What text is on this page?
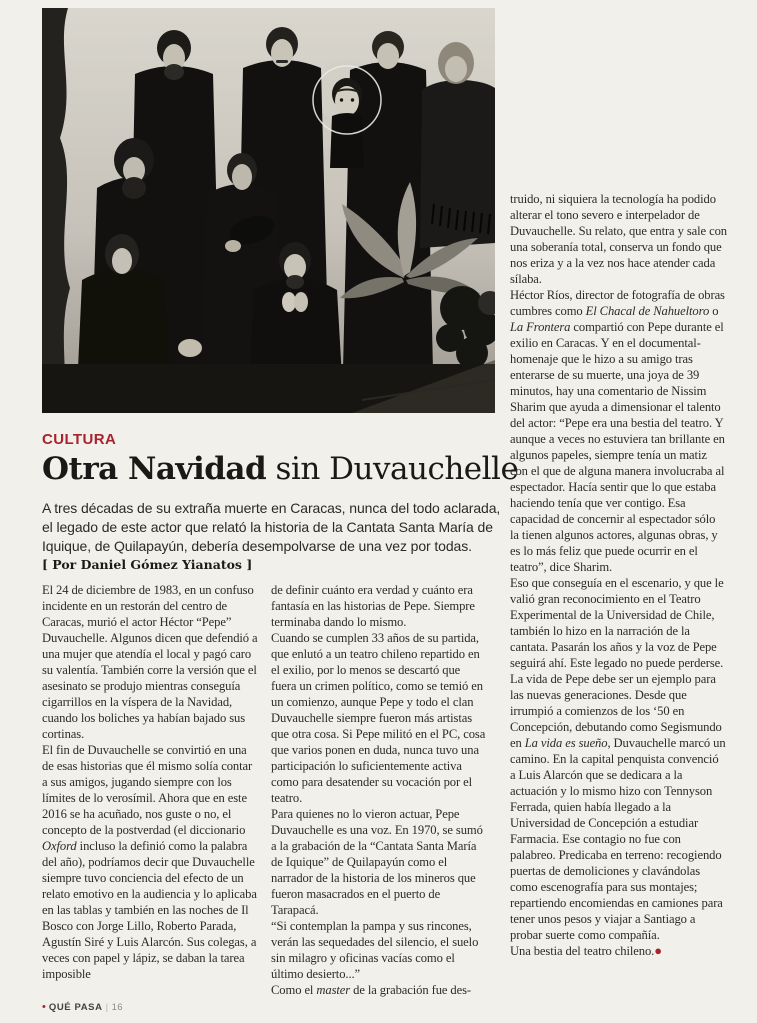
CULTURA
Otra Navidad sin Duvauchelle

A tres décadas de su extraña muerte en Caracas, nunca del todo aclarada, el legado de este actor que relató la historia de la Cantata Santa María de Iquique, de Quilapayún, debería desempolvarse de una vez por todas.

[ Por Daniel Gómez Yianatos ]

El 24 de diciembre de 1983, en un confuso incidente en un restorán del centro de Caracas, murió el actor Héctor “Pepe” Duvauchelle. Algunos dicen que defendió a una mujer que atendía el local y pagó caro su valentía. También corre la versión que el asesinato se produjo mientras conseguía cigarrillos en la víspera de la Navidad, cuando los boliches ya habían bajado sus cortinas.

El fin de Duvauchelle se convirtió en una de esas historias que él mismo solía contar a sus amigos, jugando siempre con los límites de lo verosímil. Ahora que en este 2016 se ha acuñado, nos guste o no, el concepto de la postverdad (el diccionario Oxford incluso la definió como la palabra del año), podríamos decir que Duvauchelle siempre tuvo conciencia del efecto de un relato emotivo en la audiencia y lo aplicaba en las tablas y también en las noches de Il Bosco con Jorge Lillo, Roberto Parada, Agustín Siré y Luis Alarcón. Sus colegas, a veces con papel y lápiz, se daban la tarea imposible

de definir cuánto era verdad y cuánto era fantasía en las historias de Pepe. Siempre terminaba dando lo mismo.

Cuando se cumplen 33 años de su partida, que enlutó a un teatro chileno repartido en el exilio, por lo menos se descartó que fuera un crimen político, como se temió en un comienzo, aunque Pepe y todo el clan Duvauchelle siempre fueron más artistas que otra cosa. Si Pepe militó en el PC, cosa que varios ponen en duda, nunca tuvo una participación lo suficientemente activa como para desatender su vocación por el teatro.

Para quienes no lo vieron actuar, Pepe Duvauchelle es una voz. En 1970, se sumó a la grabación de la “Cantata Santa María de Iquique” de Quilapayún como el narrador de la historia de los mineros que fueron masacrados en el puerto de Tarapacá.

“Si contemplan la pampa y sus rincones, verán las sequedades del silencio, el suelo sin milagro y oficinas vacías como el último desierto...”

Como el master de la grabación fue des-

truido, ni siquiera la tecnología ha podido alterar el tono severo e interpelador de Duvauchelle. Su relato, que entra y sale con una soberanía total, conserva un fondo que nos eriza y a la vez nos hace atender cada sílaba.

Héctor Ríos, director de fotografía de obras cumbres como El Chacal de Nahueltoro o La Frontera compartió con Pepe durante el exilio en Caracas. Y en el documental-homenaje que le hizo a su amigo tras enterarse de su muerte, una joya de 39 minutos, hay una comentario de Nissim Sharim que ayuda a dimensionar el talento del actor: “Pepe era una bestia del teatro. Y aunque a veces no estuviera tan brillante en algunos papeles, siempre tenía un matiz con el que de alguna manera involucraba al espectador. Hacía sentir que lo que estaba haciendo tenía que ver contigo. Esa capacidad de concernir al espectador sólo la tienen algunos actores, algunas obras, y es lo más feliz que puede ocurrir en el teatro”, dice Sharim.

Eso que conseguía en el escenario, y que le valió gran reconocimiento en el Teatro Experimental de la Universidad de Chile, también lo hizo en la narración de la cantata. Pasarán los años y la voz de Pepe seguirá ahí. Este legado no puede perderse. La vida de Pepe debe ser un ejemplo para las nuevas generaciones. Desde que irrumpió a comienzos de los ‘50 en Concepción, debutando como Segismundo en La vida es sueño, Duvauchelle marcó un camino. En la capital penquista convenció a Luis Alarcón que se dedicara a la actuación y lo mismo hizo con Tennyson Ferrada, quien había llegado a la Universidad de Concepción a estudiar Farmacia. Ese contagio no fue con palabreo. Predicaba en terreno: recogiendo puertas de demoliciones y clavándolas como escenografía para sus montajes; repartiendo encomiendas en camiones para tener unos pesos y viajar a Santiago a probar suerte como compañía.

Una bestia del teatro chileno.●

• QUÉ PASA | 16
